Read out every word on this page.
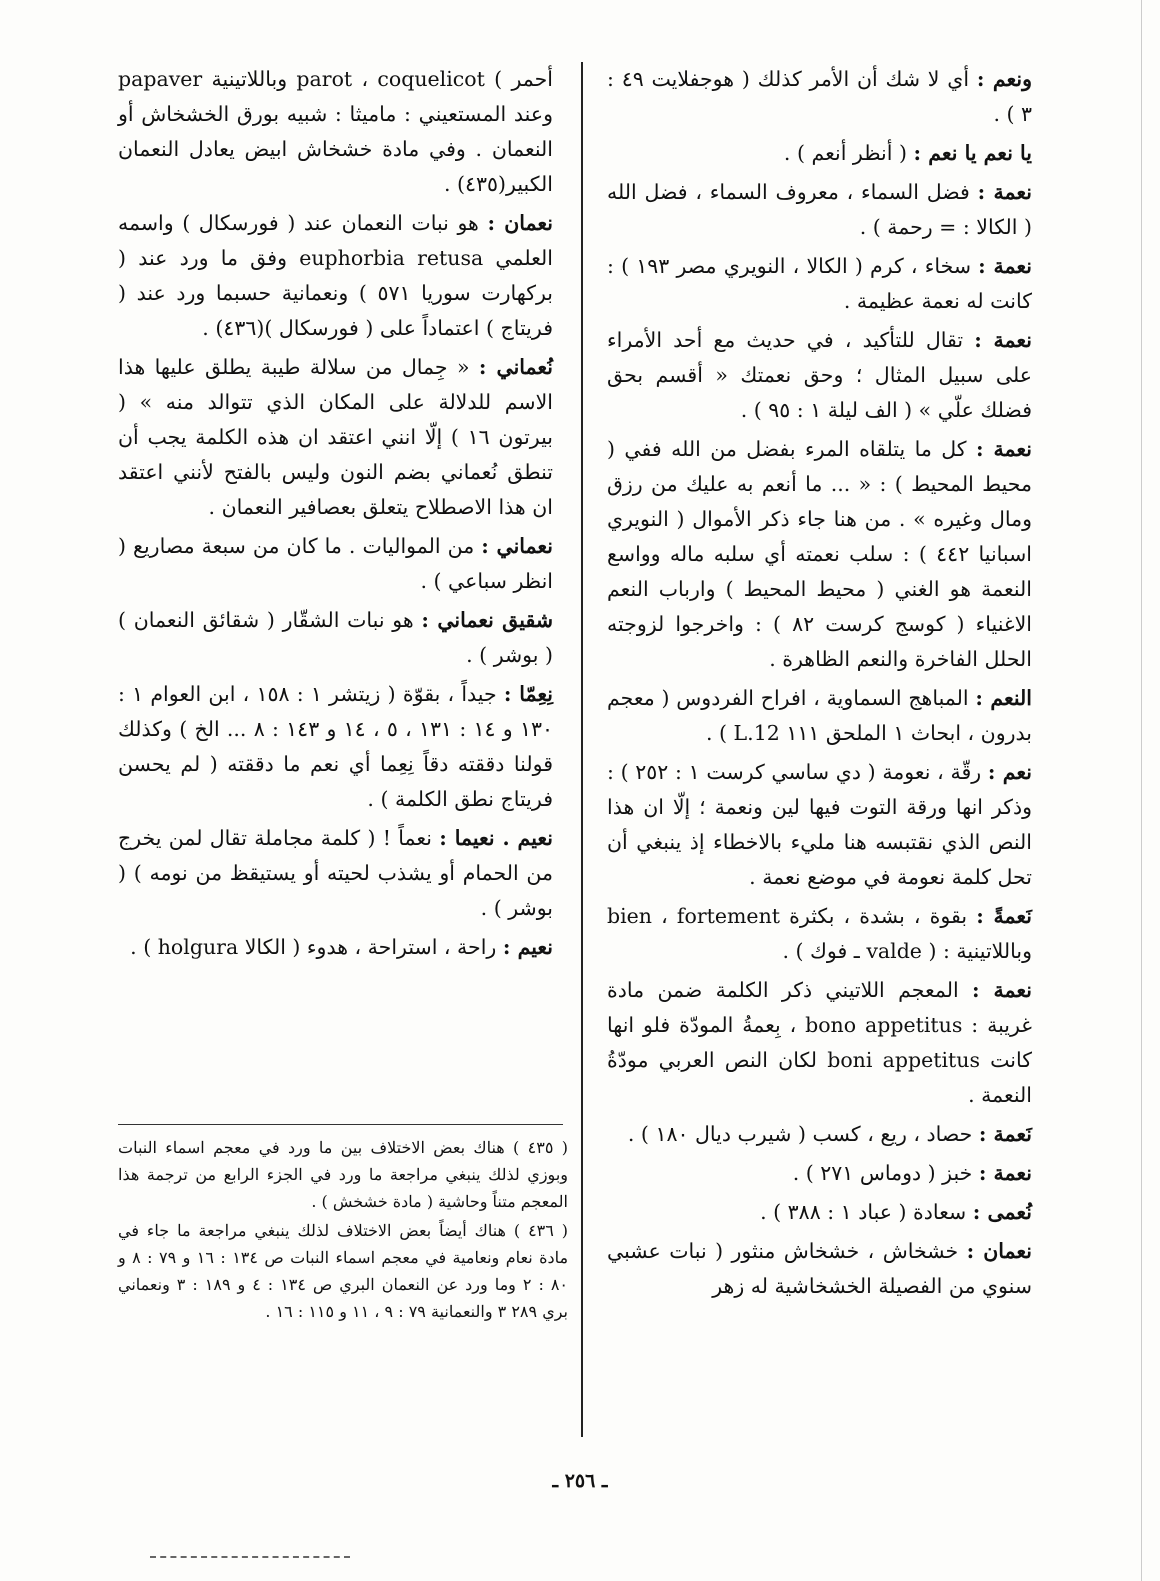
ونعم : أي لا شك أن الأمر كذلك ( هوجفلايت ٤٩ : ٣ ) .

يا نعم يا نعم : ( أنظر أنعم ) .

نعمة : فضل السماء ، معروف السماء ، فضل الله ( الكالا : = رحمة ) .

نعمة : سخاء ، كرم ( الكالا ، النويري مصر ١٩٣ ) : كانت له نعمة عظيمة .

نعمة : تقال للتأكيد ، في حديث مع أحد الأمراء على سبيل المثال ؛ وحق نعمتك « أقسم بحق فضلك علّي » ( الف ليلة ١ : ٩٥ ) .

نعمة : كل ما يتلقاه المرء بفضل من الله ففي ( محيط المحيط ) : « ... ما أنعم به عليك من رزق ومال وغيره » . من هنا جاء ذكر الأموال ( النويري اسبانيا ٤٤٢ ) : سلب نعمته أي سلبه ماله وواسع النعمة هو الغني ( محيط المحيط ) وارباب النعم الاغنياء ( كوسج كرست ٨٢ ) : واخرجوا لزوجته الحلل الفاخرة والنعم الظاهرة .

النعم : المباهج السماوية ، افراح الفردوس ( معجم بدرون ، ابحاث ١ الملحق ١١١ 12.L ) .

نعم : رقّة ، نعومة ( دي ساسي كرست ١ : ٢٥٢ ) : وذكر انها ورقة التوت فيها لين ونعمة ؛ إلّا ان هذا النص الذي نقتبسه هنا مليء بالاخطاء إذ ينبغي أن تحل كلمة نعومة في موضع نعمة .

نَعمةً : بقوة ، بشدة ، بكثرة bien ، fortement وباللاتينية : ( valde ـ فوك ) .

نعمة : المعجم اللاتيني ذكر الكلمة ضمن مادة غريبة : bono appetitus ، بِعمةُ المودّة فلو انها كانت boni appetitus لكان النص العربي مودّةُ النعمة .

نَعمة : حصاد ، ريع ، كسب ( شيرب ديال ١٨٠ ) .

نعمة : خبز ( دوماس ٢٧١ ) .

نُعمى : سعادة ( عباد ١ : ٣٨٨ ) .

نعمان : خشخاش ، خشخاش منثور ( نبات عشبي سنوي من الفصيلة الخشخاشية له زهر

أحمر ) parot ، coquelicot وباللاتينية papaver وعند المستعيني : ماميثا : شبيه بورق الخشخاش أو النعمان . وفي مادة خشخاش ابيض يعادل النعمان الكبير(٤٣٥) .

نعمان : هو نبات النعمان عند ( فورسكال ) واسمه العلمي euphorbia retusa وفق ما ورد عند ( بركهارت سوريا ٥٧١ ) ونعمانية حسبما ورد عند ( فريتاج ) اعتماداً على ( فورسكال )(٤٣٦) .

نُعماني : « جِمال من سلالة طيبة يطلق عليها هذا الاسم للدلالة على المكان الذي تتوالد منه » ( بيرتون ١٦ ) إلّا انني اعتقد ان هذه الكلمة يجب أن تنطق نُعماني بضم النون وليس بالفتح لأنني اعتقد ان هذا الاصطلاح يتعلق بعصافير النعمان .

نعماني : من المواليات . ما كان من سبعة مصاريع ( انظر سباعي ) .

شقيق نعماني : هو نبات الشقّار ( شقائق النعمان ) ( بوشر ) .

نِعِمّا : جيداً ، بقوّة ( زيتشر ١ : ١٥٨ ، ابن العوام ١ : ١٣٠ و ١٤ : ١٣١ ، ٥ ، ١٤ و ١٤٣ : ٨ ... الخ ) وكذلك قولنا دققته دقاً نِعِما أي نعم ما دققته ( لم يحسن فريتاج نطق الكلمة ) .

نعيم . نعيما : نعماً ! ( كلمة مجاملة تقال لمن يخرج من الحمام أو يشذب لحيته أو يستيقظ من نومه ) ( بوشر ) .

نعيم : راحة ، استراحة ، هدوء ( الكالا holgura ) .

( ٤٣٥ ) هناك بعض الاختلاف بين ما ورد في معجم اسماء النبات وبوزي لذلك ينبغي مراجعة ما ورد في الجزء الرابع من ترجمة هذا المعجم متناً وحاشية ( مادة خشخش ) .

( ٤٣٦ ) هناك أيضاً بعض الاختلاف لذلك ينبغي مراجعة ما جاء في مادة نعام ونعامية في معجم اسماء النبات ص ١٣٤ : ١٦ و ٧٩ : ٨ و ٨٠ : ٢ وما ورد عن النعمان البري ص ١٣٤ : ٤ و ١٨٩ : ٣ ونعماني بري ٢٨٩ ٣ والنعمانية ٧٩ : ٩ ، ١١ و ١١٥ : ١٦ .

ـ ٢٥٦ ـ
